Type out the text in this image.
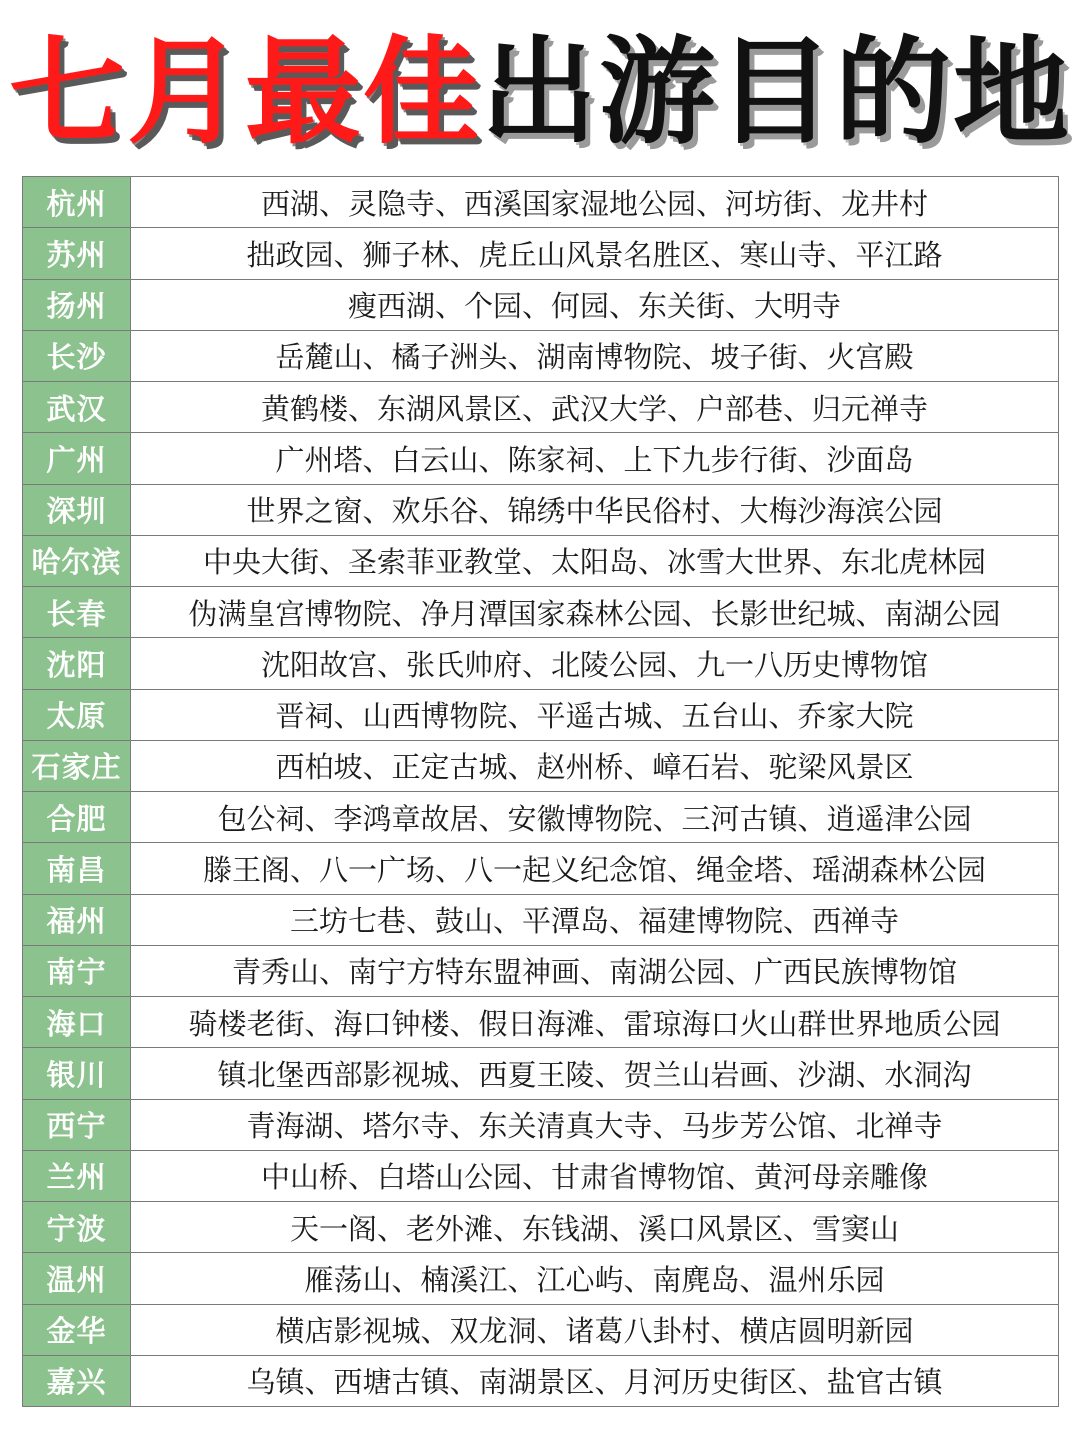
七月最佳出游目的地
杭州	西湖、灵隐寺、西溪国家湿地公园、河坊街、龙井村
苏州	拙政园、狮子林、虎丘山风景名胜区、寒山寺、平江路
扬州	瘦西湖、个园、何园、东关街、大明寺
长沙	岳麓山、橘子洲头、湖南博物院、坡子街、火宫殿
武汉	黄鹤楼、东湖风景区、武汉大学、户部巷、归元禅寺
广州	广州塔、白云山、陈家祠、上下九步行街、沙面岛
深圳	世界之窗、欢乐谷、锦绣中华民俗村、大梅沙海滨公园
哈尔滨	中央大街、圣索菲亚教堂、太阳岛、冰雪大世界、东北虎林园
长春	伪满皇宫博物院、净月潭国家森林公园、长影世纪城、南湖公园
沈阳	沈阳故宫、张氏帅府、北陵公园、九一八历史博物馆
太原	晋祠、山西博物院、平遥古城、五台山、乔家大院
石家庄	西柏坡、正定古城、赵州桥、嶂石岩、驼梁风景区
合肥	包公祠、李鸿章故居、安徽博物院、三河古镇、逍遥津公园
南昌	滕王阁、八一广场、八一起义纪念馆、绳金塔、瑶湖森林公园
福州	三坊七巷、鼓山、平潭岛、福建博物院、西禅寺
南宁	青秀山、南宁方特东盟神画、南湖公园、广西民族博物馆
海口	骑楼老街、海口钟楼、假日海滩、雷琼海口火山群世界地质公园
银川	镇北堡西部影视城、西夏王陵、贺兰山岩画、沙湖、水洞沟
西宁	青海湖、塔尔寺、东关清真大寺、马步芳公馆、北禅寺
兰州	中山桥、白塔山公园、甘肃省博物馆、黄河母亲雕像
宁波	天一阁、老外滩、东钱湖、溪口风景区、雪窦山
温州	雁荡山、楠溪江、江心屿、南麂岛、温州乐园
金华	横店影视城、双龙洞、诸葛八卦村、横店圆明新园
嘉兴	乌镇、西塘古镇、南湖景区、月河历史街区、盐官古镇
